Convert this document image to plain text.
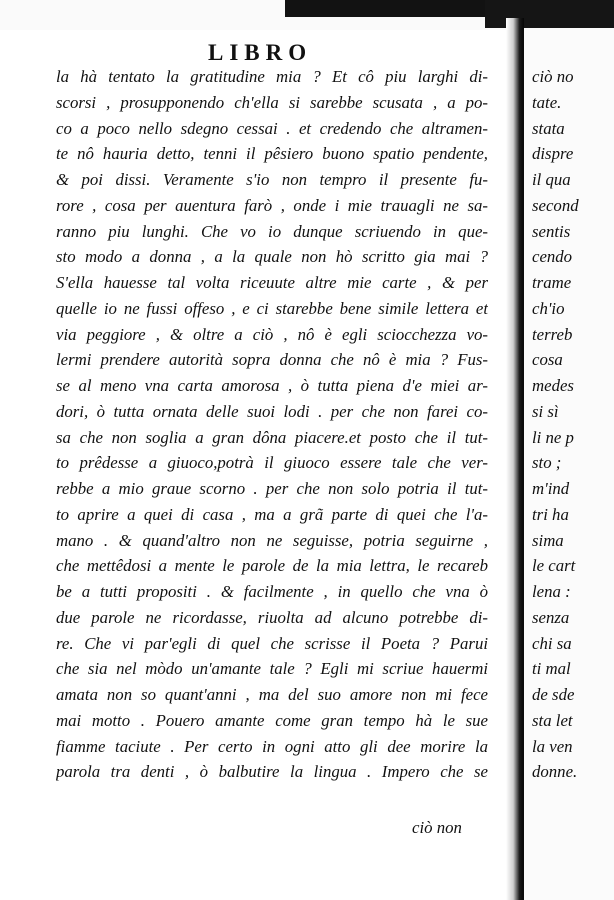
LIBRO
la hà tentato la gratitudine mia ? Et cô piu larghi di-
scorsi , prosupponendo ch'ella si sarebbe scusata , a po-
co a poco nello sdegno cessai . et credendo che altramen-
te nô hauria detto, tenni il pêsiero buono spatio pendente,
& poi dissi. Veramente s'io non tempro il presente fu-
rore , cosa per auentura farò , onde i mie trauagli ne sa-
ranno piu lunghi. Che vo io dunque scriuendo in que-
sto modo a donna , a la quale non hò scritto gia mai ?
S'ella hauesse tal volta riceuute altre mie carte , & per
quelle io ne fussi offeso , e ci starebbe bene simile lettera et
via peggiore , & oltre a ciò , nô è egli sciocchezza vo-
lermi prendere autorità sopra donna che nô è mia ? Fus-
se al meno vna carta amorosa , ò tutta piena d'e miei ar-
dori, ò tutta ornata delle suoi lodi . per che non farei co-
sa che non soglia a gran dôna piacere.et posto che il tut-
to prêdesse a giuoco,potrà il giuoco essere tale che ver-
rebbe a mio graue scorno . per che non solo potria il tut-
to aprire a quei di casa , ma a grã parte di quei che l'a-
mano . & quand'altro non ne seguisse, potria seguirne ,
che mettêdosi a mente le parole de la mia lettra, le recareb
be a tutti propositi . & facilmente , in quello che vna ò
due parole ne ricordasse, riuolta ad alcuno potrebbe di-
re. Che vi par'egli di quel che scrisse il Poeta ? Parui
che sia nel mòdo un'amante tale ? Egli mi scriue hauermi
amata non so quant'anni , ma del suo amore non mi fece
mai motto . Pouero amante come gran tempo hà le sue
fiamme taciute . Per certo in ogni atto gli dee morire la
parola tra denti , ò balbutire la lingua . Impero che se
ciò non
ciò no
tate.
stata
dispre
il qua
second
sentis
cendo
trame
ch'io
terreb
cosa
medes
si sì
li ne p
sto ;
m'ind
tri ha
sima
le cart
lena :
senza
chi sa
ti mal
de sde
sta let
la ven
donne.
